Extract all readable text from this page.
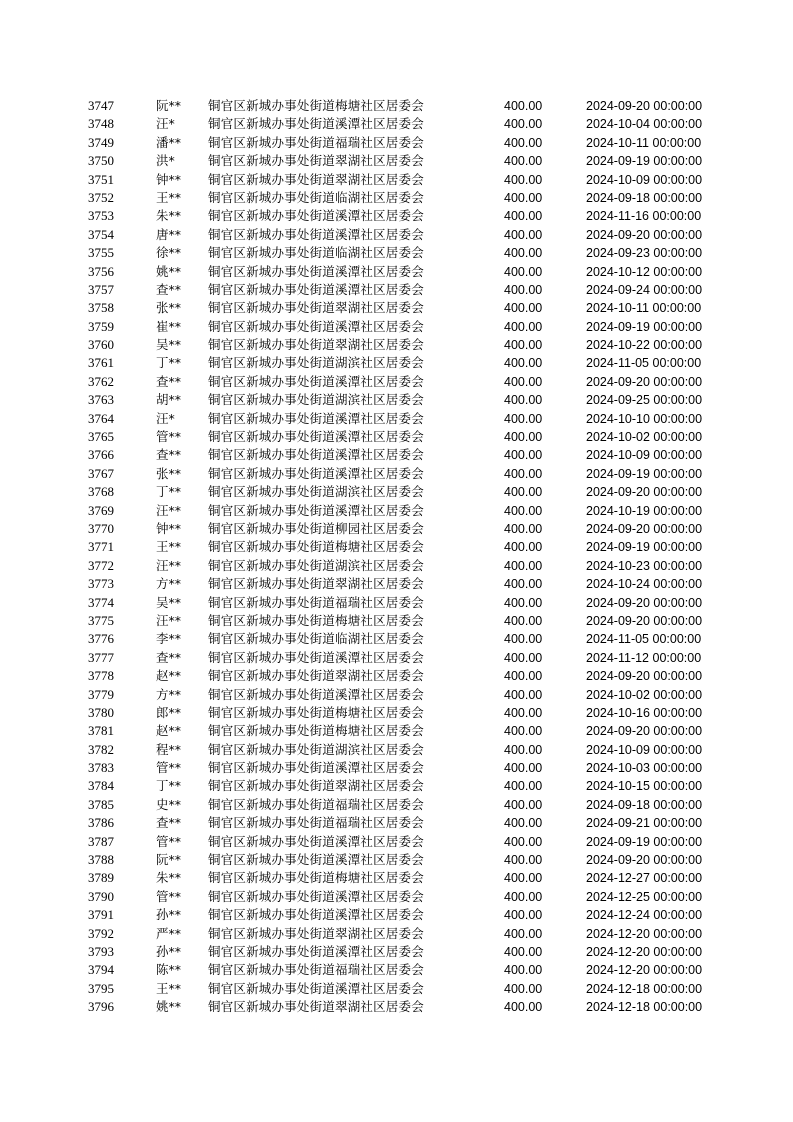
3747	阮**	铜官区新城办事处街道梅塘社区居委会	400.00	2024-09-20 00:00:00
3748	汪*	铜官区新城办事处街道溪潭社区居委会	400.00	2024-10-04 00:00:00
3749	潘**	铜官区新城办事处街道福瑞社区居委会	400.00	2024-10-11 00:00:00
3750	洪*	铜官区新城办事处街道翠湖社区居委会	400.00	2024-09-19 00:00:00
3751	钟**	铜官区新城办事处街道翠湖社区居委会	400.00	2024-10-09 00:00:00
3752	王**	铜官区新城办事处街道临湖社区居委会	400.00	2024-09-18 00:00:00
3753	朱**	铜官区新城办事处街道溪潭社区居委会	400.00	2024-11-16 00:00:00
3754	唐**	铜官区新城办事处街道溪潭社区居委会	400.00	2024-09-20 00:00:00
3755	徐**	铜官区新城办事处街道临湖社区居委会	400.00	2024-09-23 00:00:00
3756	姚**	铜官区新城办事处街道溪潭社区居委会	400.00	2024-10-12 00:00:00
3757	查**	铜官区新城办事处街道溪潭社区居委会	400.00	2024-09-24 00:00:00
3758	张**	铜官区新城办事处街道翠湖社区居委会	400.00	2024-10-11 00:00:00
3759	崔**	铜官区新城办事处街道溪潭社区居委会	400.00	2024-09-19 00:00:00
3760	吴**	铜官区新城办事处街道翠湖社区居委会	400.00	2024-10-22 00:00:00
3761	丁**	铜官区新城办事处街道湖滨社区居委会	400.00	2024-11-05 00:00:00
3762	查**	铜官区新城办事处街道溪潭社区居委会	400.00	2024-09-20 00:00:00
3763	胡**	铜官区新城办事处街道湖滨社区居委会	400.00	2024-09-25 00:00:00
3764	汪*	铜官区新城办事处街道溪潭社区居委会	400.00	2024-10-10 00:00:00
3765	管**	铜官区新城办事处街道溪潭社区居委会	400.00	2024-10-02 00:00:00
3766	查**	铜官区新城办事处街道溪潭社区居委会	400.00	2024-10-09 00:00:00
3767	张**	铜官区新城办事处街道溪潭社区居委会	400.00	2024-09-19 00:00:00
3768	丁**	铜官区新城办事处街道湖滨社区居委会	400.00	2024-09-20 00:00:00
3769	汪**	铜官区新城办事处街道溪潭社区居委会	400.00	2024-10-19 00:00:00
3770	钟**	铜官区新城办事处街道柳园社区居委会	400.00	2024-09-20 00:00:00
3771	王**	铜官区新城办事处街道梅塘社区居委会	400.00	2024-09-19 00:00:00
3772	汪**	铜官区新城办事处街道湖滨社区居委会	400.00	2024-10-23 00:00:00
3773	方**	铜官区新城办事处街道翠湖社区居委会	400.00	2024-10-24 00:00:00
3774	吴**	铜官区新城办事处街道福瑞社区居委会	400.00	2024-09-20 00:00:00
3775	汪**	铜官区新城办事处街道梅塘社区居委会	400.00	2024-09-20 00:00:00
3776	李**	铜官区新城办事处街道临湖社区居委会	400.00	2024-11-05 00:00:00
3777	查**	铜官区新城办事处街道溪潭社区居委会	400.00	2024-11-12 00:00:00
3778	赵**	铜官区新城办事处街道翠湖社区居委会	400.00	2024-09-20 00:00:00
3779	方**	铜官区新城办事处街道溪潭社区居委会	400.00	2024-10-02 00:00:00
3780	郎**	铜官区新城办事处街道梅塘社区居委会	400.00	2024-10-16 00:00:00
3781	赵**	铜官区新城办事处街道梅塘社区居委会	400.00	2024-09-20 00:00:00
3782	程**	铜官区新城办事处街道湖滨社区居委会	400.00	2024-10-09 00:00:00
3783	管**	铜官区新城办事处街道溪潭社区居委会	400.00	2024-10-03 00:00:00
3784	丁**	铜官区新城办事处街道翠湖社区居委会	400.00	2024-10-15 00:00:00
3785	史**	铜官区新城办事处街道福瑞社区居委会	400.00	2024-09-18 00:00:00
3786	查**	铜官区新城办事处街道福瑞社区居委会	400.00	2024-09-21 00:00:00
3787	管**	铜官区新城办事处街道溪潭社区居委会	400.00	2024-09-19 00:00:00
3788	阮**	铜官区新城办事处街道溪潭社区居委会	400.00	2024-09-20 00:00:00
3789	朱**	铜官区新城办事处街道梅塘社区居委会	400.00	2024-12-27 00:00:00
3790	管**	铜官区新城办事处街道溪潭社区居委会	400.00	2024-12-25 00:00:00
3791	孙**	铜官区新城办事处街道溪潭社区居委会	400.00	2024-12-24 00:00:00
3792	严**	铜官区新城办事处街道翠湖社区居委会	400.00	2024-12-20 00:00:00
3793	孙**	铜官区新城办事处街道溪潭社区居委会	400.00	2024-12-20 00:00:00
3794	陈**	铜官区新城办事处街道福瑞社区居委会	400.00	2024-12-20 00:00:00
3795	王**	铜官区新城办事处街道溪潭社区居委会	400.00	2024-12-18 00:00:00
3796	姚**	铜官区新城办事处街道翠湖社区居委会	400.00	2024-12-18 00:00:00
